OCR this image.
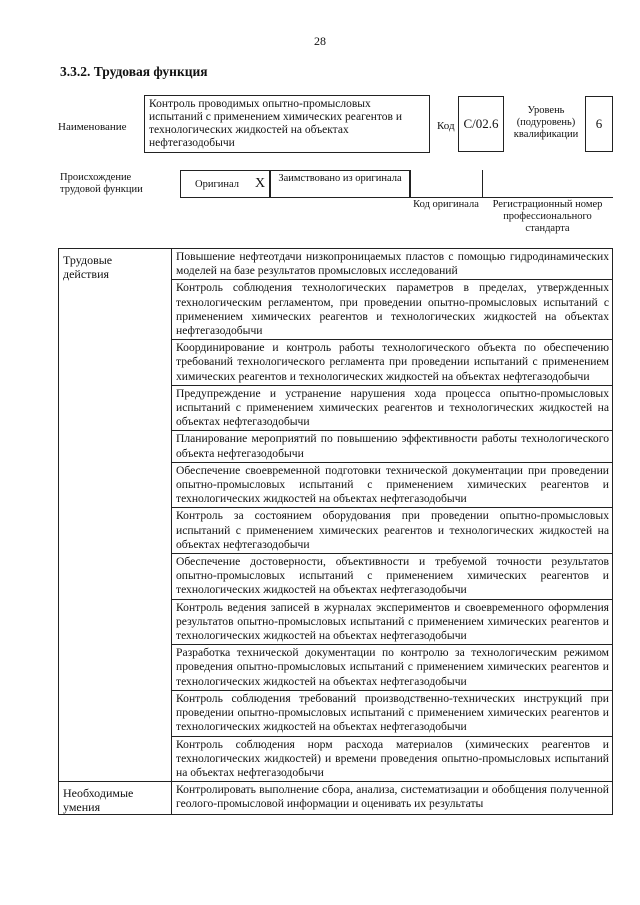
28
3.3.2. Трудовая функция
Наименование
Контроль проводимых опытно-промысловых испытаний с применением химических реагентов и технологических жидкостей на объектах нефтегазодобычи
Код C/02.6
Уровень (подуровень) квалификации
6
Происхождение трудовой функции	Оригинал X	Заимствовано из оригинала
Код оригинала	Регистрационный номер профессионального стандарта
Трудовые
действия	Повышение нефтеотдачи низкопроницаемых пластов с помощью гидродинамических моделей на базе результатов промысловых исследований
	Контроль соблюдения технологических параметров в пределах, утвержденных технологическим регламентом, при проведении опытно-промысловых испытаний с применением химических реагентов и технологических жидкостей на объектах нефтегазодобычи
	Координирование и контроль работы технологического объекта по обеспечению требований технологического регламента при проведении испытаний с применением химических реагентов и технологических жидкостей на объектах нефтегазодобычи
	Предупреждение и устранение нарушения хода процесса опытно-промысловых испытаний с применением химических реагентов и технологических жидкостей на объектах нефтегазодобычи
	Планирование мероприятий по повышению эффективности работы технологического объекта нефтегазодобычи
	Обеспечение своевременной подготовки технической документации при проведении опытно-промысловых испытаний с применением химических реагентов и технологических жидкостей на объектах нефтегазодобычи
	Контроль за состоянием оборудования при проведении опытно-промысловых испытаний с применением химических реагентов и технологических жидкостей на объектах нефтегазодобычи
	Обеспечение достоверности, объективности и требуемой точности результатов опытно-промысловых испытаний с применением химических реагентов и технологических жидкостей на объектах нефтегазодобычи
	Контроль ведения записей в журналах экспериментов и своевременного оформления результатов опытно-промысловых испытаний с применением химических реагентов и технологических жидкостей на объектах нефтегазодобычи
	Разработка технической документации по контролю за технологическим режимом проведения опытно-промысловых испытаний с применением химических реагентов и технологических жидкостей на объектах нефтегазодобычи
	Контроль соблюдения требований производственно-технических инструкций при проведении опытно-промысловых испытаний с применением химических реагентов и технологических жидкостей на объектах нефтегазодобычи
	Контроль соблюдения норм расхода материалов (химических реагентов и технологических жидкостей) и времени проведения опытно-промысловых испытаний на объектах нефтегазодобычи
Необходимые
умения	Контролировать выполнение сбора, анализа, систематизации и обобщения полученной геолого-промысловой информации и оценивать их результаты
